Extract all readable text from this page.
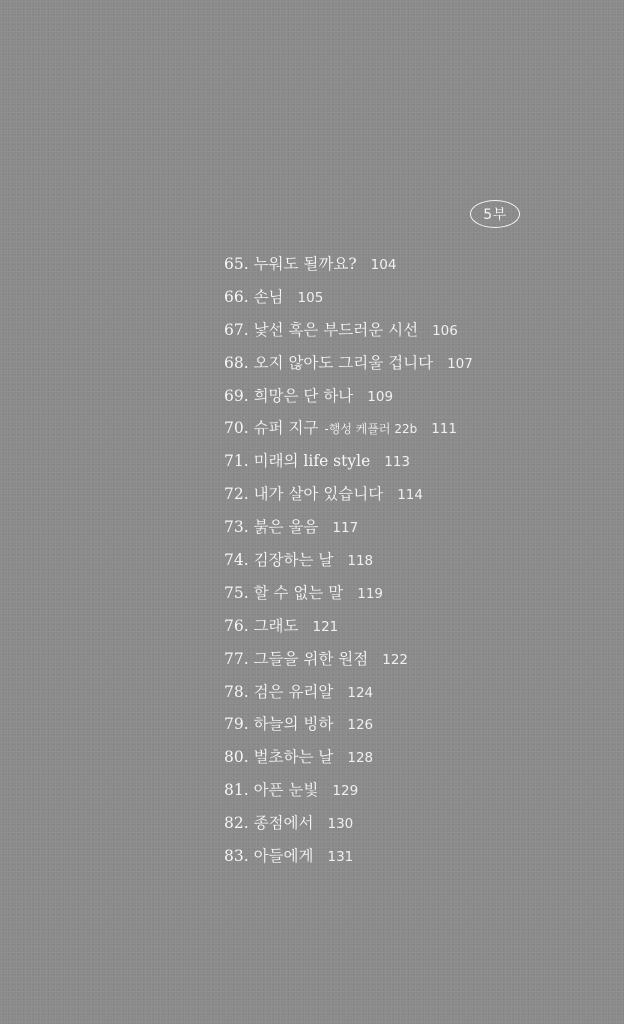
5부
65. 누워도 될까요? 104
66. 손님 105
67. 낯선 혹은 부드러운 시선 106
68. 오지 않아도 그리울 겁니다 107
69. 희망은 단 하나 109
70. 슈퍼 지구 -행성 케플러 22b 111
71. 미래의 life style 113
72. 내가 살아 있습니다 114
73. 붉은 울음 117
74. 김장하는 날 118
75. 할 수 없는 말 119
76. 그래도 121
77. 그들을 위한 원점 122
78. 검은 유리알 124
79. 하늘의 빙하 126
80. 벌초하는 날 128
81. 아픈 눈빛 129
82. 종점에서 130
83. 아들에게 131
